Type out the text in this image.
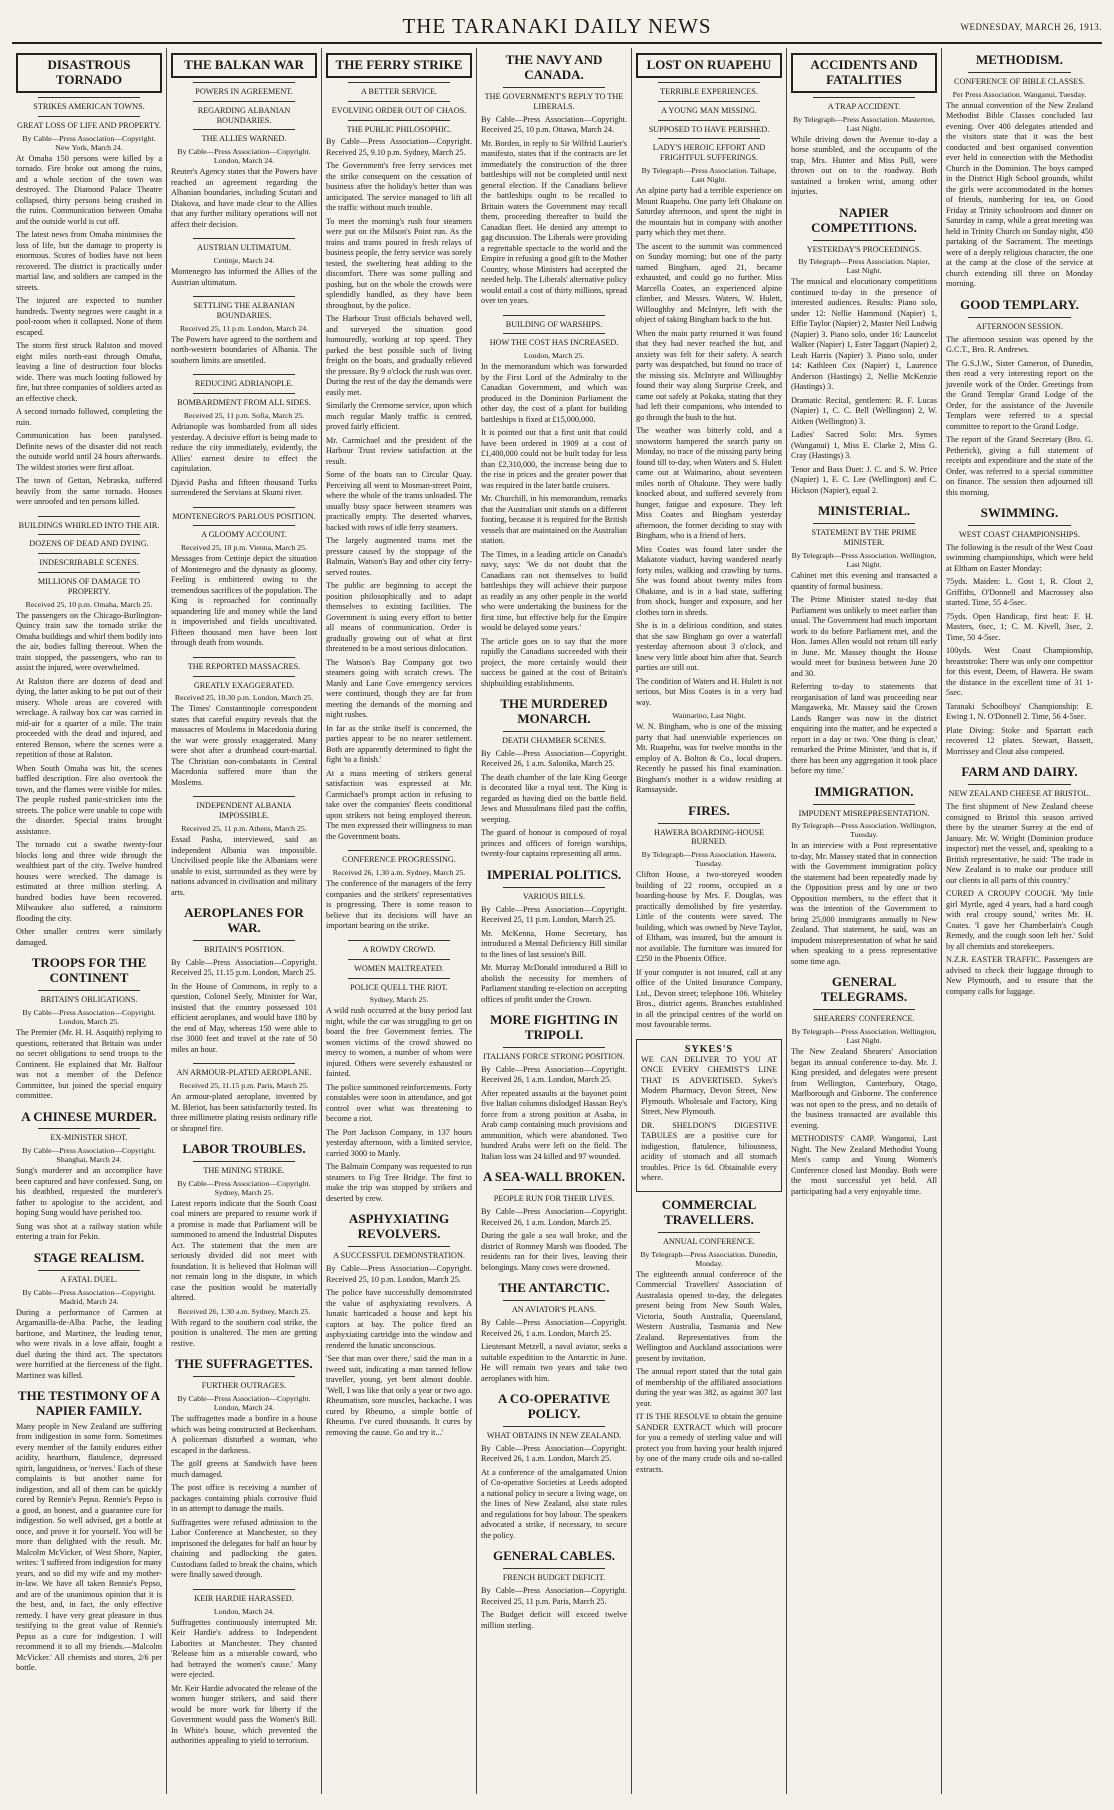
THE TARANAKI DAILY NEWS	WEDNESDAY, MARCH 26, 1913.
DISASTROUS TORNADO
STRIKES AMERICAN TOWNS.
GREAT LOSS OF LIFE AND PROPERTY.

By Cable—Press Association—Copyright. New York, March 24.

At Omaha 150 persons were killed by a tornado. Fire broke out among the ruins, and a whole section of the town was destroyed. The Diamond Palace Theatre collapsed, thirty persons being crushed in the ruins. Communication between Omaha and the outside world is cut off.

The latest news from Omaha minimises the loss of life, but the damage to property is enormous. Scores of bodies have not been recovered. The district is practically under martial law, and soldiers are camped in the streets.

The injured are expected to number hundreds. Twenty negroes were caught in a pool-room when it collapsed. None of them escaped.

The storm first struck Ralston and moved eight miles north-east through Omaha, leaving a line of destruction four blocks wide. There was much looting followed by fire, but three companies of soldiers acted as an effective check.

A second tornado followed, completing the ruin.

Communication has been paralysed. Definite news of the disaster did not reach the outside world until 24 hours afterwards. The wildest stories were first afloat.

The town of Gettan, Nebraska, suffered heavily from the same tornado. Houses were unroofed and ten persons killed.

BUILDINGS WHIRLED INTO THE AIR.
DOZENS OF DEAD AND DYING.
INDESCRIBABLE SCENES.
MILLIONS OF DAMAGE TO PROPERTY.

Received 25, 10 p.m. Omaha, March 25.

The passengers on the Chicago-Burlington-Quincy train saw the tornado strike the Omaha buildings and whirl them bodily into the air, bodies falling thereout. When the train stopped, the passengers, who ran to assist the injured, were overwhelmed.

At Ralston there are dozens of dead and dying, the latter asking to be put out of their misery. Whole areas are covered with wreckage. A railway box car was carried in mid-air for a quarter of a mile. The train proceeded with the dead and injured, and entered Benson, where the scenes were a repetition of those at Ralston.

When South Omaha was hit, the scenes baffled description. Fire also overtook the town, and the flames were visible for miles. The people rushed panic-stricken into the streets. The police were unable to cope with the disorder. Special trains brought assistance.

The tornado cut a swathe twenty-four blocks long and three wide through the wealthiest part of the city. Twelve hundred houses were wrecked. The damage is estimated at three million sterling. A hundred bodies have been recovered. Milwaukee also suffered, a rainstorm flooding the city.

Other smaller centres were similarly damaged.

TROOPS FOR THE CONTINENT
BRITAIN'S OBLIGATIONS.

By Cable—Press Association—Copyright. London, March 25.

The Premier (Mr. H. H. Asquith) replying to questions, reiterated that Britain was under no secret obligations to send troops to the Continent. He explained that Mr. Balfour was not a member of the Defence Committee, but joined the special enquiry committee.

A CHINESE MURDER.
EX-MINISTER SHOT.

By Cable—Press Association—Copyright. Shanghai, March 24.

Sung's murderer and an accomplice have been captured and have confessed. Sung, on his deathbed, requested the murderer's father to apologise to the accident, and hoping Sung would have perished too.

Sung was shot at a railway station while entering a train for Pekin.

STAGE REALISM.
A FATAL DUEL.

By Cable—Press Association—Copyright. Madrid, March 24.

During a performance of Carmen at Argamasilla-de-Alba Pache, the leading baritone, and Martinez, the leading tenor, who were rivals in a love affair, fought a duel during the third act. The spectators were horrified at the fierceness of the fight. Martinez was killed.

THE TESTIMONY OF A NAPIER FAMILY.

Many people in New Zealand are suffering from indigestion in some form. Sometimes every member of the family endures either acidity, heartburn, flatulence, depressed spirit, languidness, or 'nerves.' Each of these complaints is but another name for indigestion, and all of them can be quickly cured by Rennie's Pepso. Rennie's Pepso is a good, an honest, and a guarantee cure for indigestion. So well advised, get a bottle at once, and prove it for yourself. You will be more than delighted with the result. Mr. Malcolm McVicker, of West Shore, Napier, writes: 'I suffered from indigestion for many years, and so did my wife and my mother-in-law. We have all taken Rennie's Pepso, and are of the unanimous opinion that it is the best, and, in fact, the only effective remedy. I have very great pleasure in thus testifying to the great value of Rennie's Pepso as a cure for indigestion. I will recommend it to all my friends.—Malcolm McVicker.' All chemists and stores, 2/6 per bottle.

THE BALKAN WAR
POWERS IN AGREEMENT.
REGARDING ALBANIAN BOUNDARIES.
THE ALLIES WARNED.

By Cable—Press Association—Copyright. London, March 24.

Reuter's Agency states that the Powers have reached an agreement regarding the Albanian boundaries, including Scutari and Diakova, and have made clear to the Allies that any further military operations will not affect their decision.

AUSTRIAN ULTIMATUM.

Cettinje, March 24.

Montenegro has informed the Allies of the Austrian ultimatum.

SETTLING THE ALBANIAN BOUNDARIES.

Received 25, 11 p.m. London, March 24.

The Powers have agreed to the northern and north-western boundaries of Albania. The southern limits are unsettled.

REDUCING ADRIANOPLE.
BOMBARDMENT FROM ALL SIDES.

Received 25, 11 p.m. Sofia, March 25.

Adrianople was bombarded from all sides yesterday. A decisive effort is being made to reduce the city immediately, evidently, the Allies' earnest desire to effect the capitulation.

Djavid Pasha and fifteen thousand Turks surrendered the Servians at Skumi river.

MONTENEGRO'S PARLOUS POSITION.
A GLOOMY ACCOUNT.

Received 25, 10 p.m. Vienna, March 25.

Messages from Cettinje depict the situation of Montenegro and the dynasty as gloomy. Feeling is embittered owing to the tremendous sacrifices of the population. The King is reproached for continually squandering life and money while the land is impoverished and fields uncultivated. Fifteen thousand men have been lost through death from wounds.

THE REPORTED MASSACRES.
GREATLY EXAGGERATED.

Received 25, 10.30 p.m. London, March 25.

The Times' Constantinople correspondent states that careful enquiry reveals that the massacres of Moslems in Macedonia during the war were grossly exaggerated. Many were shot after a drumhead court-martial. The Christian non-combatants in Central Macedonia suffered more than the Moslems.

INDEPENDENT ALBANIA IMPOSSIBLE.

Received 25, 11 p.m. Athens, March 25.

Essad Pasha, interviewed, said an independent Albania was impossible. Uncivilised people like the Albanians were unable to exist, surrounded as they were by nations advanced in civilisation and military arts.

AEROPLANES FOR WAR.
BRITAIN'S POSITION.

By Cable—Press Association—Copyright. Received 25, 11.15 p.m. London, March 25.

In the House of Commons, in reply to a question, Colonel Seely, Minister for War, insisted that the country possessed 101 efficient aeroplanes, and would have 180 by the end of May, whereas 150 were able to rise 3000 feet and travel at the rate of 50 miles an hour.

AN ARMOUR-PLATED AEROPLANE.

Received 25, 11.15 p.m. Paris, March 25.

An armour-plated aeroplane, invented by M. Bleriot, has been satisfactorily tested. Its three millimetre plating resists ordinary rifle or shrapnel fire.

LABOR TROUBLES.
THE MINING STRIKE.

By Cable—Press Association—Copyright. Sydney, March 25.

Latest reports indicate that the South Coast coal miners are prepared to resume work if a promise is made that Parliament will be summoned to amend the Industrial Disputes Act. The statement that the men are seriously divided did not meet with foundation. It is believed that Holman will not remain long in the dispute, in which case the position would be materially altered.

Received 26, 1.30 a.m. Sydney, March 25.

With regard to the southern coal strike, the position is unaltered. The men are getting restive.

THE SUFFRAGETTES.
FURTHER OUTRAGES.

By Cable—Press Association—Copyright. London, March 24.

The suffragettes made a bonfire in a house which was being constructed at Beckenham. A policeman disturbed a woman, who escaped in the darkness.

The golf greens at Sandwich have been much damaged.

The post office is receiving a number of packages containing phials corrosive fluid in an attempt to damage the mails.

Suffragettes were refused admission to the Labor Conference at Manchester, so they imprisoned the delegates for half an hour by chaining and padlocking the gates. Custodians failed to break the chains, which were finally sawed through.

KEIR HARDIE HARASSED.

London, March 24.

Suffragettes continuously interrupted Mr. Keir Hardie's address to Independent Laborites at Manchester. They chanted 'Release him as a miserable coward, who had betrayed the women's cause.' Many were ejected.

Mr. Keir Hardie advocated the release of the women hunger strikers, and said there would be more work for liberty if the Government would pass the Women's Bill. In White's house, which prevented the authorities appealing to yield to terrorism.

THE FERRY STRIKE
A BETTER SERVICE.
EVOLVING ORDER OUT OF CHAOS.
THE PUBLIC PHILOSOPHIC.

By Cable—Press Association—Copyright. Received 25, 9.10 p.m. Sydney, March 25.

The Government's free ferry services met the strike consequent on the cessation of business after the holiday's better than was anticipated. The service managed to lift all the traffic without much trouble.

To meet the morning's rush four steamers were put on the Milson's Point run. As the trains and trams poured in fresh relays of business people, the ferry service was sorely tested, the sweltering heat adding to the discomfort. There was some pulling and pushing, but on the whole the crowds were splendidly handled, as they have been throughout, by the police.

The Harbour Trust officials behaved well, and surveyed the situation good humouredly, working at top speed. They parked the best possible such of living freight on the boats, and gradually relieved the pressure. By 9 o'clock the rush was over. During the rest of the day the demands were easily met.

Similarly the Cremorne service, upon which much regular Manly traffic is centred, proved fairly efficient.

Mr. Carmichael and the president of the Harbour Trust review satisfaction at the result.

Some of the boats ran to Circular Quay. Perceiving all went to Mosman-street Point, where the whole of the trams unloaded. The usually busy space between steamers was practically empty. The deserted wharves, backed with rows of idle ferry steamers.

The largely augmented trams met the pressure caused by the stoppage of the Balmain, Watson's Bay and other city ferry-served routes.

The public are beginning to accept the position philosophically and to adapt themselves to existing facilities. The Government is using every effort to better all means of communication. Order is gradually growing out of what at first threatened to be a most serious dislocation.

The Watson's Bay Company got two steamers going with scratch crews. The Manly and Lane Cove emergency services were continued, though they are far from meeting the demands of the morning and night rushes.

In far as the strike itself is concerned, the parties appear to be no nearer settlement. Both are apparently determined to fight the fight 'to a finish.'

At a mass meeting of strikers general satisfaction was expressed at Mr. Carmichael's prompt action in refusing to take over the companies' fleets conditional upon strikers not being employed thereon. The men expressed their willingness to man the Government boats.

CONFERENCE PROGRESSING.

Received 26, 1.30 a.m. Sydney, March 25.

The conference of the managers of the ferry companies and the strikers' representatives is progressing. There is some reason to believe that its decisions will have an important bearing on the strike.

A ROWDY CROWD.
WOMEN MALTREATED.
POLICE QUELL THE RIOT.

Sydney, March 25.

A wild rush occurred at the busy period last night, while the car was struggling to get on board the free Government ferries. The women victims of the crowd showed no mercy to women, a number of whom were injured. Others were severely exhausted or fainted.

The police summoned reinforcements. Forty constables were soon in attendance, and got control over what was threatening to become a riot.

The Port Jackson Company, in 137 hours yesterday afternoon, with a limited service, carried 3000 to Manly.

The Balmain Company was requested to run steamers to Fig Tree Bridge. The first to make the trip was stopped by strikers and deserted by crew.

ASPHYXIATING REVOLVERS.
A SUCCESSFUL DEMONSTRATION.

By Cable—Press Association—Copyright. Received 25, 10 p.m. London, March 25.

The police have successfully demonstrated the value of asphyxiating revolvers. A lunatic barricaded a house and kept his captors at bay. The police fired an asphyxiating cartridge into the window and rendered the lunatic unconscious.

'See that man over there,' said the man in a tweed suit, indicating a man tanned fellow traveller, young, yet bent almost double. 'Well, I was like that only a year or two ago. Rheumatism, sore muscles, backache. I was cured by Rheumo, a simple bottle of Rheumo. I've cured thousands. It cures by removing the cause. Go and try it...'

THE NAVY AND CANADA.
THE GOVERNMENT'S REPLY TO THE LIBERALS.

By Cable—Press Association—Copyright. Received 25, 10 p.m. Ottawa, March 24.

Mr. Borden, in reply to Sir Wilfrid Laurier's manifesto, states that if the contracts are let immediately the construction of the three battleships will not be completed until next general election. If the Canadians believe the battleships ought to be recalled to Britain waters the Government may recall them, proceeding thereafter to build the Canadian fleet. He denied any attempt to gag discussion. The Liberals were providing a regrettable spectacle to the world and the Empire in refusing a good gift to the Mother Country, whose Ministers had accepted the needed help. The Liberals' alternative policy would entail a cost of thirty millions, spread over ten years.

BUILDING OF WARSHIPS.
HOW THE COST HAS INCREASED.

London, March 25.

In the memorandum which was forwarded by the First Lord of the Admiralty to the Canadian Government, and which was produced in the Dominion Parliament the other day, the cost of a plant for building battleships is fixed at £15,000,000.

It is pointed out that a first unit that could have been ordered in 1909 at a cost of £1,400,000 could not be built today for less than £2,310,000, the increase being due to the rise in prices and the greater power that was required in the later battle cruisers.

Mr. Churchill, in his memorandum, remarks that the Australian unit stands on a different footing, because it is required for the British vessels that are maintained on the Australian station.

The Times, in a leading article on Canada's navy, says: 'We do not doubt that the Canadians can not themselves to build battleships they will achieve their purpose as readily as any other people in the world who were undertaking the business for the first time, but effective help for the Empire would be delayed some years.'

The article goes on to say that the more rapidly the Canadians succeeded with their project, the more certainly would their success be gained at the cost of Britain's shipbuilding establishments.

THE MURDERED MONARCH.
DEATH CHAMBER SCENES.

By Cable—Press Association—Copyright. Received 26, 1 a.m. Salonika, March 25.

The death chamber of the late King George is decorated like a royal tent. The King is regarded as having died on the battle field. Jews and Mussulmans filed past the coffin, weeping.

The guard of honour is composed of royal princes and officers of foreign warships, twenty-four captains representing all arms.

IMPERIAL POLITICS.
VARIOUS BILLS.

By Cable—Press Association—Copyright. Received 25, 11 p.m. London, March 25.

Mr. McKenna, Home Secretary, has introduced a Mental Deficiency Bill similar to the lines of last session's Bill.

Mr. Murray McDonald introduced a Bill to abolish the necessity for members of Parliament standing re-election on accepting offices of profit under the Crown.

MORE FIGHTING IN TRIPOLI.
ITALIANS FORCE STRONG POSITION.

By Cable—Press Association—Copyright. Received 26, 1 a.m. London, March 25.

After repeated assaults at the bayonet point five Italian columns dislodged Hassan Bey's force from a strong position at Asaba, in Arab camp containing much provisions and ammunition, which were abandoned. Two hundred Arabs were left on the field. The Italian loss was 24 killed and 97 wounded.

A SEA-WALL BROKEN.
PEOPLE RUN FOR THEIR LIVES.

By Cable—Press Association—Copyright. Received 26, 1 a.m. London, March 25.

During the gale a sea wall broke, and the district of Romney Marsh was flooded. The residents ran for their lives, leaving their belongings. Many cows were drowned.

THE ANTARCTIC.
AN AVIATOR'S PLANS.

By Cable—Press Association—Copyright. Received 26, 1 a.m. London, March 25.

Lieutenant Metzell, a naval aviator, seeks a suitable expedition to the Antarctic in June. He will remain two years and take two aeroplanes with him.

A CO-OPERATIVE POLICY.
WHAT OBTAINS IN NEW ZEALAND.

By Cable—Press Association—Copyright. Received 26, 1 a.m. London, March 25.

At a conference of the amalgamated Union of Co-operative Societies at Leeds adopted a national policy to secure a living wage, on the lines of New Zealand, also state rules and regulations for boy labour. The speakers advocated a strike, if necessary, to secure the policy.

GENERAL CABLES.
FRENCH BUDGET DEFICIT.

By Cable—Press Association—Copyright. Received 25, 11 p.m. Paris, March 25.

The Budget deficit will exceed twelve million sterling.

LOST ON RUAPEHU
TERRIBLE EXPERIENCES.
A YOUNG MAN MISSING.
SUPPOSED TO HAVE PERISHED.
LADY'S HEROIC EFFORT AND FRIGHTFUL SUFFERINGS.

By Telegraph—Press Association. Taihape, Last Night.

An alpine party had a terrible experience on Mount Ruapehu. One party left Ohakune on Saturday afternoon, and spent the night in the mountain hut in company with another party which they met there.

The ascent to the summit was commenced on Sunday morning; but one of the party named Bingham, aged 21, became exhausted, and could go no further. Miss Marcella Coates, an experienced alpine climber, and Messrs. Waters, W. Hulett, Willoughby and McIntyre, left with the object of taking Bingham back to the hut.

When the main party returned it was found that they had never reached the hut, and anxiety was felt for their safety. A search party was despatched, but found no trace of the missing six. McIntyre and Willoughby found their way along Surprise Creek, and came out safely at Pokaka, stating that they had left their companions, who intended to go through the bush to the hut.

The weather was bitterly cold, and a snowstorm hampered the search party on Monday, no trace of the missing party being found till to-day, when Waters and S. Hulett came out at Waimarino, about seventeen miles north of Ohakune. They were badly knocked about, and suffered severely from hunger, fatigue and exposure. They left Miss Coates and Bingham yesterday afternoon, the former deciding to stay with Bingham, who is a friend of hers.

Miss Coates was found later under the Makatote viaduct, having wandered nearly forty miles, walking and crawling by turns. She was found about twenty miles from Ohakune, and is in a bad state, suffering from shock, hunger and exposure, and her clothes torn in shreds.

She is in a delirious condition, and states that she saw Bingham go over a waterfall yesterday afternoon about 3 o'clock, and knew very little about him after that. Search parties are still out.

The condition of Waters and H. Hulett is not serious, but Miss Coates is in a very bad way.

Waimarino, Last Night.

W. N. Bingham, who is one of the missing party that had unenviable experiences on Mt. Ruapehu, was for twelve months in the employ of A. Bolton & Co., local drapers. Recently he passed his final examination. Bingham's mother is a widow residing at Ramsayside.

FIRES.
HAWERA BOARDING-HOUSE BURNED.

By Telegraph—Press Association. Hawera, Tuesday.

Clifton House, a two-storeyed wooden building of 22 rooms, occupied as a boarding-house by Mrs. F. Douglas, was practically demolished by fire yesterday. Little of the contents were saved. The building, which was owned by Neve Taylor, of Eltham, was insured, but the amount is not available. The furniture was insured for £250 in the Phoenix Office.

If your computer is not insured, call at any office of the United Insurance Company, Ltd., Devon street; telephone 106. Whiteley Bros., district agents. Branches established in all the principal centres of the world on most favourable terms.

SYKES'S

WE CAN DELIVER TO YOU AT ONCE EVERY CHEMIST'S LINE THAT IS ADVERTISED. Sykes's Modern Pharmacy, Devon Street, New Plymouth. Wholesale and Factory, King Street, New Plymouth.

DR. SHELDON'S DIGESTIVE TABULES are a positive cure for indigestion, flatulence, biliousness, acidity of stomach and all stomach troubles. Price 1s 6d. Obtainable every where.

COMMERCIAL TRAVELLERS.
ANNUAL CONFERENCE.

By Telegraph—Press Association. Dunedin, Monday.

The eighteenth annual conference of the Commercial Travellers' Association of Australasia opened to-day, the delegates present being from New South Wales, Victoria, South Australia, Queensland, Western Australia, Tasmania and New Zealand. Representatives from the Wellington and Auckland associations were present by invitation.

The annual report stated that the total gain of membership of the affiliated associations during the year was 382, as against 307 last year.

IT IS THE RESOLVE to obtain the genuine SANDER EXTRACT which will procure for you a remedy of sterling value and will protect you from having your health injured by one of the many crude oils and so-called extracts.

ACCIDENTS AND FATALITIES
A TRAP ACCIDENT.

By Telegraph—Press Association. Masterton, Last Night.

While driving down the Avenue to-day a horse stumbled, and the occupants of the trap, Mrs. Hunter and Miss Pull, were thrown out on to the roadway. Both sustained a broken wrist, among other injuries.

NAPIER COMPETITIONS.
YESTERDAY'S PROCEEDINGS.

By Telegraph—Press Association. Napier, Last Night.

The musical and elocutionary competitions continued to-day in the presence of interested audiences. Results: Piano solo, under 12: Nellie Hammond (Napier) 1, Effie Taylor (Napier) 2, Master Neil Ludwig (Napier) 3. Piano solo, under 16: Launcelot Walker (Napier) 1, Ester Taggart (Napier) 2, Leah Harris (Napier) 3. Piano solo, under 14: Kathleen Cox (Napier) 1, Laurence Anderson (Hastings) 2, Nellie McKenzie (Hastings) 3.

Dramatic Recital, gentlemen: R. F. Lucas (Napier) 1, C. C. Bell (Wellington) 2, W. Aitken (Wellington) 3.

Ladies' Sacred Solo: Mrs. Symes (Wanganui) 1, Miss E. Clarke 2, Miss G. Cray (Hastings) 3.

Tenor and Bass Duet: J. C. and S. W. Price (Napier) 1, E. C. Lee (Wellington) and C. Hickson (Napier), equal 2.

MINISTERIAL.
STATEMENT BY THE PRIME MINISTER.

By Telegraph—Press Association. Wellington, Last Night.

Cabinet met this evening and transacted a quantity of formal business.

The Prime Minister stated to-day that Parliament was unlikely to meet earlier than usual. The Government had much important work to do before Parliament met, and the Hon. James Allen would not return till early in June. Mr. Massey thought the House would meet for business between June 20 and 30.

Referring to-day to statements that reorganisation of land was proceeding near Mangaweka, Mr. Massey said the Crown Lands Ranger was now in the district enquiring into the matter, and he expected a report in a day or two. 'One thing is clear,' remarked the Prime Minister, 'and that is, if there has been any aggregation it took place before my time.'

IMMIGRATION.
IMPUDENT MISREPRESENTATION.

By Telegraph—Press Association. Wellington, Tuesday.

In an interview with a Post representative to-day, Mr. Massey stated that in connection with the Government immigration policy the statement had been repeatedly made by the Opposition press and by one or two Opposition members, to the effect that it was the intention of the Government to bring 25,000 immigrants annually to New Zealand. That statement, he said, was an impudent misrepresentation of what he said when speaking to a press representative some time ago.

GENERAL TELEGRAMS.
SHEARERS' CONFERENCE.

By Telegraph—Press Association. Wellington, Last Night.

The New Zealand Shearers' Association began its annual conference to-day. Mr. J. King presided, and delegates were present from Wellington, Canterbury, Otago, Marlborough and Gisborne. The conference was not open to the press, and no details of the business transacted are available this evening.

METHODISTS' CAMP. Wanganui, Last Night. The New Zealand Methodist Young Men's camp and Young Women's Conference closed last Monday. Both were the most successful yet held. All participating had a very enjoyable time.

METHODISM.
CONFERENCE OF BIBLE CLASSES.

Per Press Association. Wanganui, Tuesday.

The annual convention of the New Zealand Methodist Bible Classes concluded last evening. Over 400 delegates attended and the visitors state that it was the best conducted and best organised convention ever held in connection with the Methodist Church in the Dominion. The boys camped in the District High School grounds, whilst the girls were accommodated in the homes of friends, numbering for tea, on Good Friday at Trinity schoolroom and dinner on Saturday in camp, while a great meeting was held in Trinity Church on Sunday night, 450 partaking of the Sacrament. The meetings were of a deeply religious character, the one at the camp at the close of the service at church extending till three on Monday morning.

GOOD TEMPLARY.
AFTERNOON SESSION.

The afternoon session was opened by the G.C.T., Bro. R. Andrews.

The G.S.J.W., Sister Cameron, of Dunedin, then read a very interesting report on the juvenile work of the Order. Greetings from the Grand Templar Grand Lodge of the Order, for the assistance of the Juvenile Templars were referred to a special committee to report to the Grand Lodge.

The report of the Grand Secretary (Bro. G. Petherick), giving a full statement of receipts and expenditure and the state of the Order, was referred to a special committee on finance. The session then adjourned till this morning.

SWIMMING.
WEST COAST CHAMPIONSHIPS.

The following is the result of the West Coast swimming championships, which were held at Eltham on Easter Monday:

75yds. Maiden: L. Gost 1, R. Clout 2, Griffiths, O'Donnell and Macrossey also started. Time, 55 4-5sec.

75yds. Open Handicap, first heat: F. H. Masters, 6sec, 1; C. M. Kivell, 3sec, 2. Time, 50 4-5sec.

100yds. West Coast Championship, breaststroke: There was only one competitor for this event, Deem, of Hawera. He swam the distance in the excellent time of 31 1-5sec.

Taranaki Schoolboys' Championship: E. Ewing 1, N. O'Donnell 2. Time, 56 4-5sec.

Plate Diving: Stoke and Sparratt each recovered 12 plates. Stewart, Bassett, Morrissey and Clout also competed.

FARM AND DAIRY.
NEW ZEALAND CHEESE AT BRISTOL.

The first shipment of New Zealand cheese consigned to Bristol this season arrived there by the steamer Surrey at the end of January. Mr. W. Wright (Dominion produce inspector) met the vessel, and, speaking to a British representative, he said: 'The trade in New Zealand is to make our produce still our clients in all parts of this country.'

CURED A CROUPY COUGH. 'My little girl Myrtle, aged 4 years, had a hard cough with real croupy sound,' writes Mr. H. Coates. 'I gave her Chamberlain's Cough Remedy, and the cough soon left her.' Sold by all chemists and storekeepers.

N.Z.R. EASTER TRAFFIC. Passengers are advised to check their luggage through to New Plymouth, and to ensure that the company calls for luggage.
